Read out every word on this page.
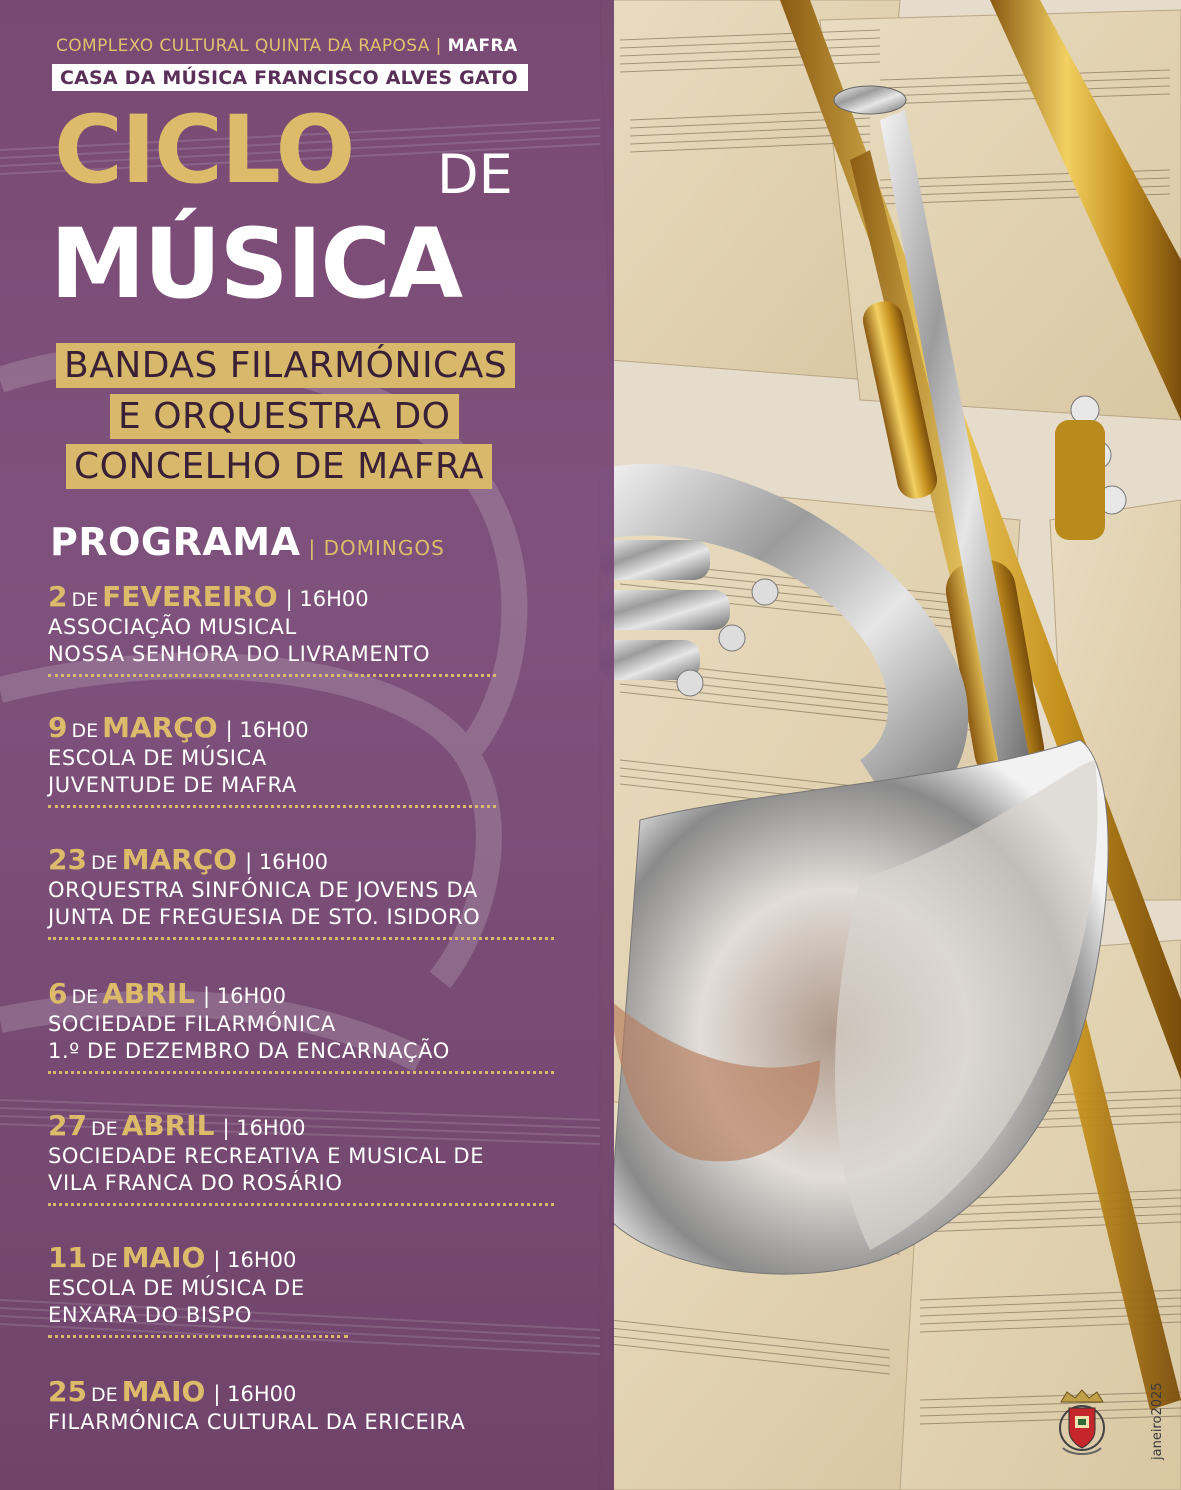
COMPLEXO CULTURAL QUINTA DA RAPOSA | MAFRA
CASA DA MÚSICA FRANCISCO ALVES GATO
CICLO DE
MÚSICA
BANDAS FILARMÓNICAS
E ORQUESTRA DO
CONCELHO DE MAFRA
PROGRAMA | DOMINGOS
2 DE FEVEREIRO | 16H00
ASSOCIAÇÃO MUSICAL
NOSSA SENHORA DO LIVRAMENTO
9 DE MARÇO | 16H00
ESCOLA DE MÚSICA
JUVENTUDE DE MAFRA
23 DE MARÇO | 16H00
ORQUESTRA SINFÓNICA DE JOVENS DA
JUNTA DE FREGUESIA DE STO. ISIDORO
6 DE ABRIL | 16H00
SOCIEDADE FILARMÓNICA
1.º DE DEZEMBRO DA ENCARNAÇÃO
27 DE ABRIL | 16H00
SOCIEDADE RECREATIVA E MUSICAL DE
VILA FRANCA DO ROSÁRIO
11 DE MAIO | 16H00
ESCOLA DE MÚSICA DE
ENXARA DO BISPO
25 DE MAIO | 16H00
FILARMÓNICA CULTURAL DA ERICEIRA	janeiro2025
